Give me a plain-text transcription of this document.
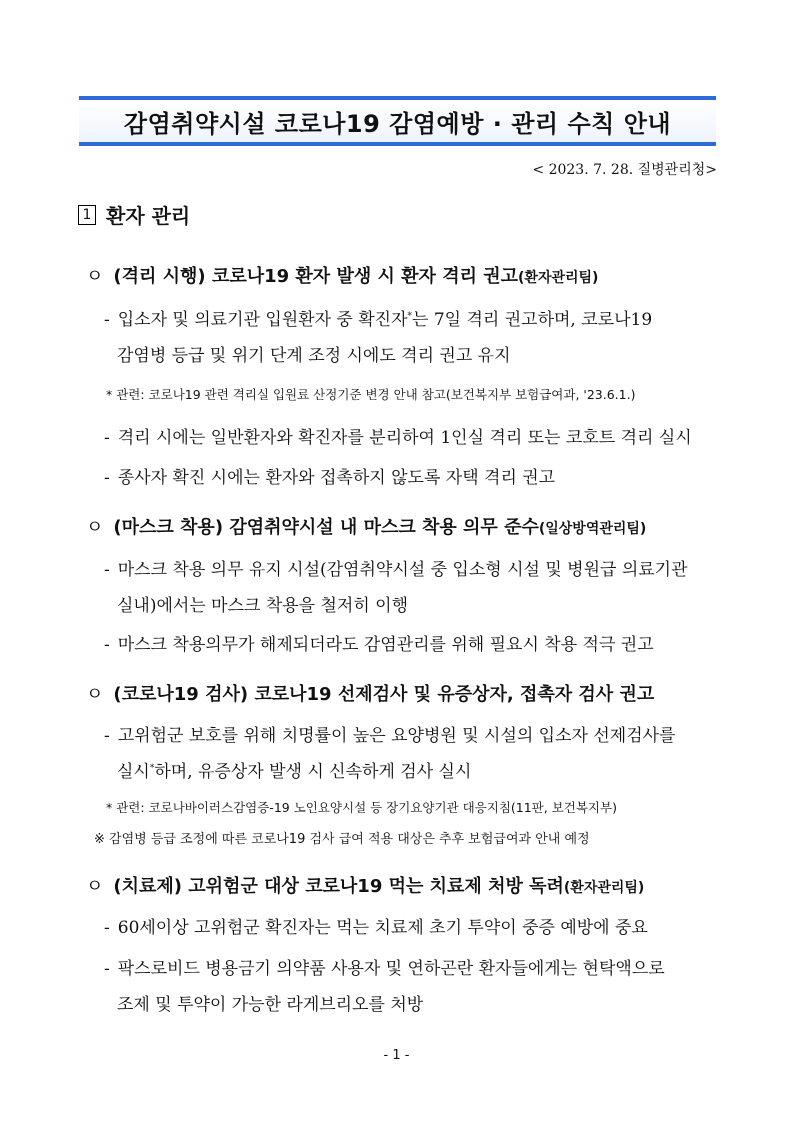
감염취약시설 코로나19 감염예방 · 관리 수칙 안내
< 2023. 7. 28. 질병관리청>
1 환자 관리
ㅇ (격리 시행) 코로나19 환자 발생 시 환자 격리 권고 (환자관리팀)
- 입소자 및 의료기관 입원환자 중 확진자*는 7일 격리 권고하며, 코로나19
감염병 등급 및 위기 단계 조정 시에도 격리 권고 유지
* 관련: 코로나19 관련 격리실 입원료 산정기준 변경 안내 참고(보건복지부 보험급여과, '23.6.1.)
- 격리 시에는 일반환자와 확진자를 분리하여 1인실 격리 또는 코호트 격리 실시
- 종사자 확진 시에는 환자와 접촉하지 않도록 자택 격리 권고
ㅇ (마스크 착용) 감염취약시설 내 마스크 착용 의무 준수 (일상방역관리팀)
- 마스크 착용 의무 유지 시설(감염취약시설 중 입소형 시설 및 병원급 의료기관
실내)에서는 마스크 착용을 철저히 이행
- 마스크 착용의무가 해제되더라도 감염관리를 위해 필요시 착용 적극 권고
ㅇ (코로나19 검사) 코로나19 선제검사 및 유증상자, 접촉자 검사 권고
- 고위험군 보호를 위해 치명률이 높은 요양병원 및 시설의 입소자 선제검사를
실시*하며, 유증상자 발생 시 신속하게 검사 실시
* 관련: 코로나바이러스감염증-19 노인요양시설 등 장기요양기관 대응지침(11판, 보건복지부)
※ 감염병 등급 조정에 따른 코로나19 검사 급여 적용 대상은 추후 보험급여과 안내 예정
ㅇ (치료제) 고위험군 대상 코로나19 먹는 치료제 처방 독려 (환자관리팀)
- 60세이상 고위험군 확진자는 먹는 치료제 초기 투약이 중증 예방에 중요
- 팍스로비드 병용금기 의약품 사용자 및 연하곤란 환자들에게는 현탁액으로
조제 및 투약이 가능한 라게브리오를 처방
- 1 -
